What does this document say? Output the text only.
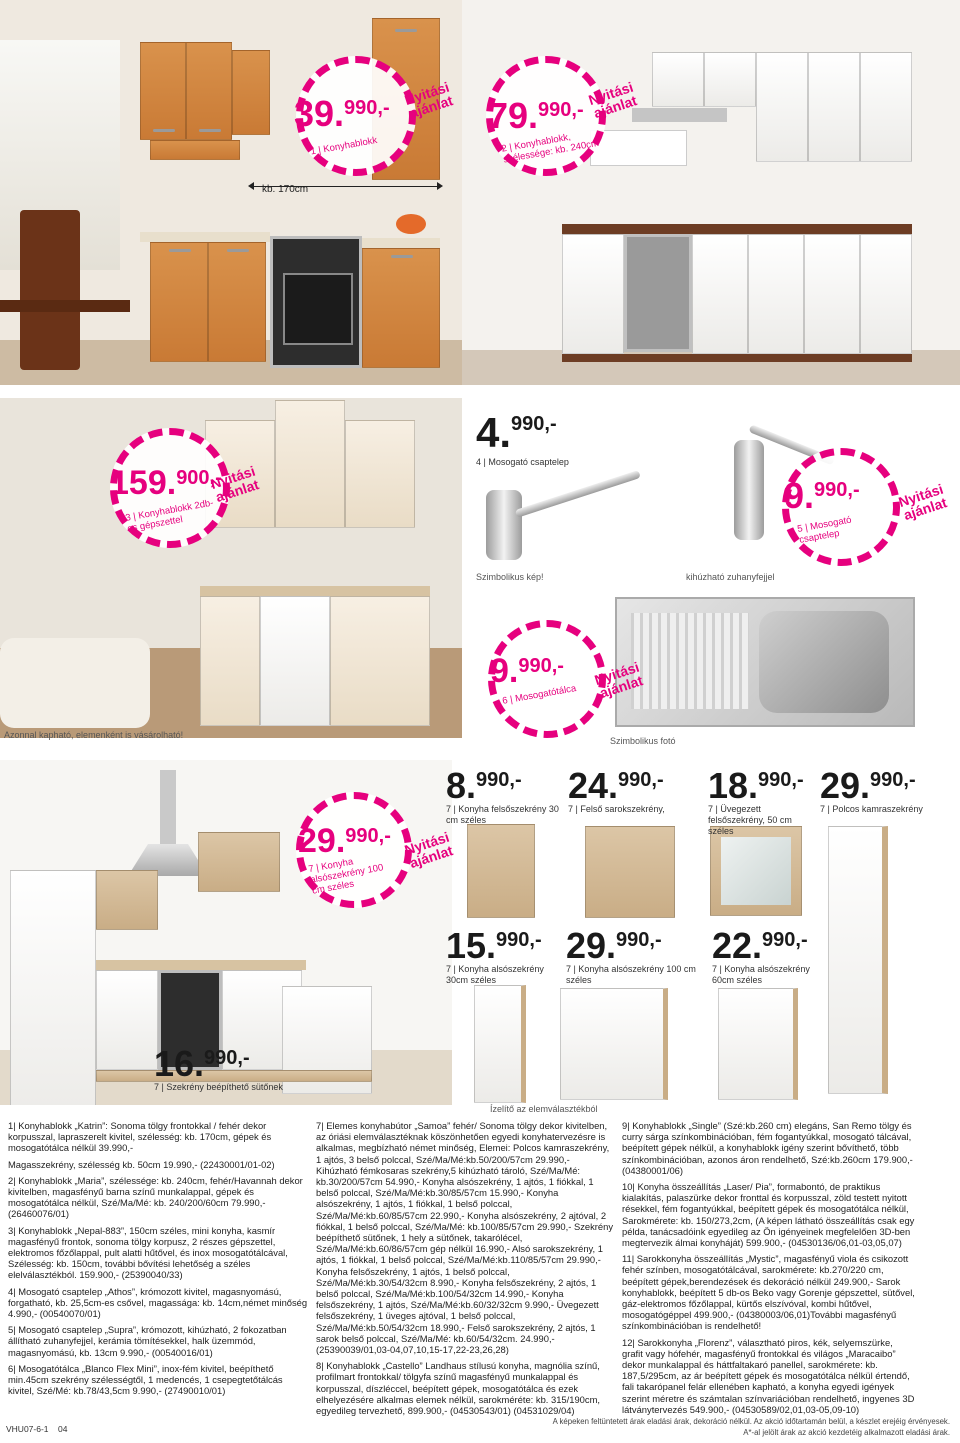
kb. 170cm
Azonnal kapható, elemenként is vásárolható!
Szimbolikus kép!	kihúzható zuhanyfejjel
Szimbolikus fotó
Ízelítő az elemválasztékból
39.$^{990,-}$
1 | Konyhablokk
Nyitási ajánlat 79.$^{990,-}$
2 | Konyhablokk, szélessége: kb. 240cm
Nyitási ajánlat
159.$^{900,-}$
3 | Konyhablokk 2db-os gépszettel
Nyitási ajánlat
4.$^{990,-}$
4 | Mosogató csaptelep
9.$^{990,-}$
5 | Mosogató csaptelep
Nyitási ajánlat
9.$^{990,-}$
6 | Mosogatótálca
Nyitási ajánlat
29.$^{990,-}$
7 | Konyha alsószekrény 100 cm széles
Nyitási ajánlat
8.$^{990,-}$
7 | Konyha felsőszekrény 30 cm széles
24.$^{990,-}$
7 | Felső sarokszekrény,
18.$^{990,-}$
7 | Üvegezett felsőszekrény, 50 cm széles
29.$^{990,-}$
7 | Polcos kamraszekrény
15.$^{990,-}$
7 | Konyha alsószekrény 30cm széles
29.$^{990,-}$
7 | Konyha alsószekrény 100 cm széles
22.$^{990,-}$
7 | Konyha alsószekrény 60cm széles
16.$^{990,-}$
7 | Szekrény beépíthető sütőnek

1| Konyhablokk „Katrin”: Sonoma tölgy frontokkal / fehér dekor korpusszal, lapraszerelt kivitel, szélesség: kb. 170cm, gépek és mosogatótálca nélkül 39.990,-

Magasszekrény, szélesség kb. 50cm 19.990,- (22430001/01-02)

2| Konyhablokk „Maria”, szélessége: kb. 240cm, fehér/Havannah dekor kivitelben, magasfényű barna színű munkalappal, gépek és mosogatótálca nélkül, Szé/Ma/Mé: kb. 240/200/60cm 79.990,- (26460076/01)

3| Konyhablokk „Nepal-883”, 150cm széles, mini konyha, kasmír magasfényű frontok, sonoma tölgy korpusz, 2 részes gépszettel, elektromos főzőlappal, pult alatti hűtővel, és inox mosogatótálcával, Szélesség: kb. 150cm, további bővítési lehetőség a széles elelválasztékból. 159.900,- (25390040/33)

4| Mosogató csaptelep „Athos”, krómozott kivitel, magasnyomású, forgatható, kb. 25,5cm-es csővel, magassága: kb. 14cm,német minőség 4.990,- (00540070/01)

5| Mosogató csaptelep „Supra”, krómozott, kihúzható, 2 fokozatban állítható zuhanyfejjel, kerámia tömítésekkel, halk üzemmód, magasnyomású, kb. 13cm 9.990,- (00540016/01)

6| Mosogatótálca „Blanco Flex Mini”, inox-fém kivitel, beépíthető min.45cm szekrény szélességtől, 1 medencés, 1 csepegtetőtálcás kivitel, Szé/Mé: kb.78/43,5cm 9.990,- (27490010/01)

7| Elemes konyhabútor „Samoa” fehér/ Sonoma tölgy dekor kivitelben, az óriási elemválasztéknak köszönhetően egyedi konyhatervezésre is alkalmas, megbízható német minőség, Elemei: Polcos kamraszekrény, 1 ajtós, 3 belső polccal, Szé/Ma/Mé:kb.50/200/57cm 29.990,- Kihúzható fémkosaras szekrény,5 kihúzható tároló, Szé/Ma/Mé: kb.30/200/57cm 54.990,- Konyha alsószekrény, 1 ajtós, 1 fiókkal, 1 belső polccal, Szé/Ma/Mé:kb.30/85/57cm 15.990,- Konyha alsószekrény, 1 ajtós, 1 fiókkal, 1 belső polccal, Szé/Ma/Mé:kb.60/85/57cm 22.990,- Konyha alsószekrény, 2 ajtóval, 2 fiókkal, 1 belső polccal, Szé/Ma/Mé: kb.100/85/57cm 29.990,- Szekrény beépíthető sütőnek, 1 hely a sütőnek, takarólécel, Szé/Ma/Mé:kb.60/86/57cm gép nélkül 16.990,- Alsó sarokszekrény, 1 ajtós, 1 fiókkal, 1 belső polccal, Szé/Ma/Mé:kb.110/85/57cm 29.990,- Konyha felsőszekrény, 1 ajtós, 1 belső polccal, Szé/Ma/Mé:kb.30/54/32cm 8.990,- Konyha felsőszekrény, 2 ajtós, 1 belső polccal, Szé/Ma/Mé:kb.100/54/32cm 14.990,- Konyha felsőszekrény, 1 ajtós, Szé/Ma/Mé:kb.60/32/32cm 9.990,- Üvegezett felsőszekrény, 1 üveges ajtóval, 1 belső polccal, Szé/Ma/Mé:kb.50/54/32cm 18.990,- Felső sarokszekrény, 2 ajtós, 1 sarok belső polccal, Szé/Ma/Mé: kb.60/54/32cm. 24.990,- (25390039/01,03-04,07,10,15-17,22-23,26,28)

8| Konyhablokk „Castello” Landhaus stílusú konyha, magnólia színű, profilmart frontokkal/ tölgyfa színű magasfényű munkalappal és korpusszal, díszléccel, beépített gépek, mosogatótálca és ezek elhelyezésére alkalmas elemek nélkül, sarokméréte: kb. 315/190cm, egyedileg tervezhető, 899.900,- (04530543/01) (04531029/04)

9| Konyhablokk „Single” (Szé:kb.260 cm) elegáns, San Remo tölgy és curry sárga színkombinációban, fém fogantyúkkal, mosogató tálcával, beépített gépek nélkül, a konyhablokk igény szerint bővíthető, több színkombinációban, azonos áron rendelhető, Szé:kb.260cm 179.900,- (04380001/06)

10| Konyha összeállítás „Laser/ Pia”, formabontó, de praktikus kialakítás, palaszürke dekor fronttal és korpusszal, zöld testett nyitott résekkel, fém fogantyúkkal, beépített gépek és mosogatótálca nélkül, Sarokmérete: kb. 150/273,2cm, (A képen látható összeállítás csak egy példa, tanácsadóink egyedileg az Ön igényeinek megfelelően 3D-ben megtervezik álmai konyháját) 599.900,- (04530136/06,01-03,05,07)

11| Sarokkonyha összeállítás „Mystic”, magasfényű viola és csikozott fehér színben, mosogatótálcával, sarokmérete: kb.270/220 cm, beépített gépek,berendezések és dekoráció nélkül 249.900,- Sarok konyhablokk, beépített 5 db-os Beko vagy Gorenje gépszettel, sütővel, gáz-elektromos főzőlappal, kürtős elszívóval, kombi hűtővel, mosogatógéppel 499.900,- (04380003/06,01)További magasfényű színkombinációban is rendelhető!

12| Sarokkonyha „Florenz”, választható piros, kék, selyemszürke, grafit vagy hófehér, magasfényű frontokkal és világos „Maracaibo” dekor munkalappal és háttfaltakaró panellel, sarokmérete: kb. 187,5/295cm, az ár beépített gépek és mosogatótálca nélkül értendő, fali takarópanel felár ellenében kapható, a konyha egyedi igények szerint méretre és számtalan színvariációban rendelhető, ingyenes 3D látványtervezés 549.900,- (04530589/02,01,03-05,09-10)

VHU07-6-1 04
A képeken feltüntetett árak eladási árak, dekoráció nélkül. Az akció időtartamán belül, a készlet erejéig érvényesek.
A*-al jelölt árak az akció kezdetéig alkalmazott eladási árak.
